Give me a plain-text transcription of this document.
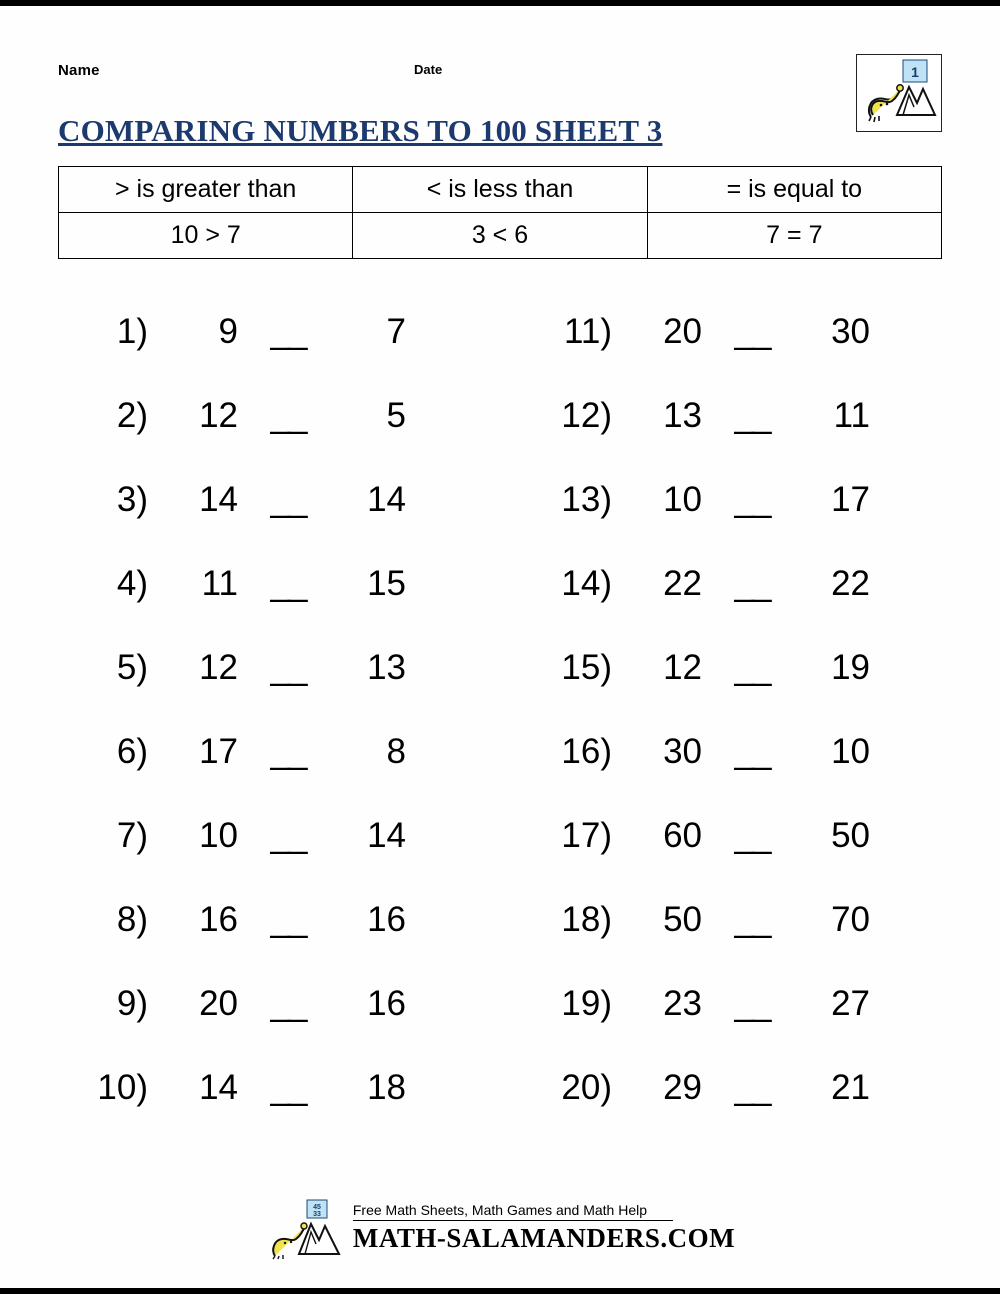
Name	Date	1
COMPARING NUMBERS TO 100 SHEET 3
> is greater than	< is less than	= is equal to
10 > 7	3 < 6	7 = 7
1)	9 __	7
2)	12 __	5
3)	14 __	14
4)	11 __	15
5)	12 __	13
6)	17 __	8
7)	10 __	14
8)	16 __	16
9)	20 __	16
10)	14 __	18
11)	20 __	30
12)	13 __	11
13)	10 __	17
14)	22 __	22
15)	12 __	19
16)	30 __	10
17)	60 __	50
18)	50 __	70
19)	23 __	27
20)	29 __	21
45
33 Free Math Sheets, Math Games and Math Help
MATH-SALAMANDERS.COM
